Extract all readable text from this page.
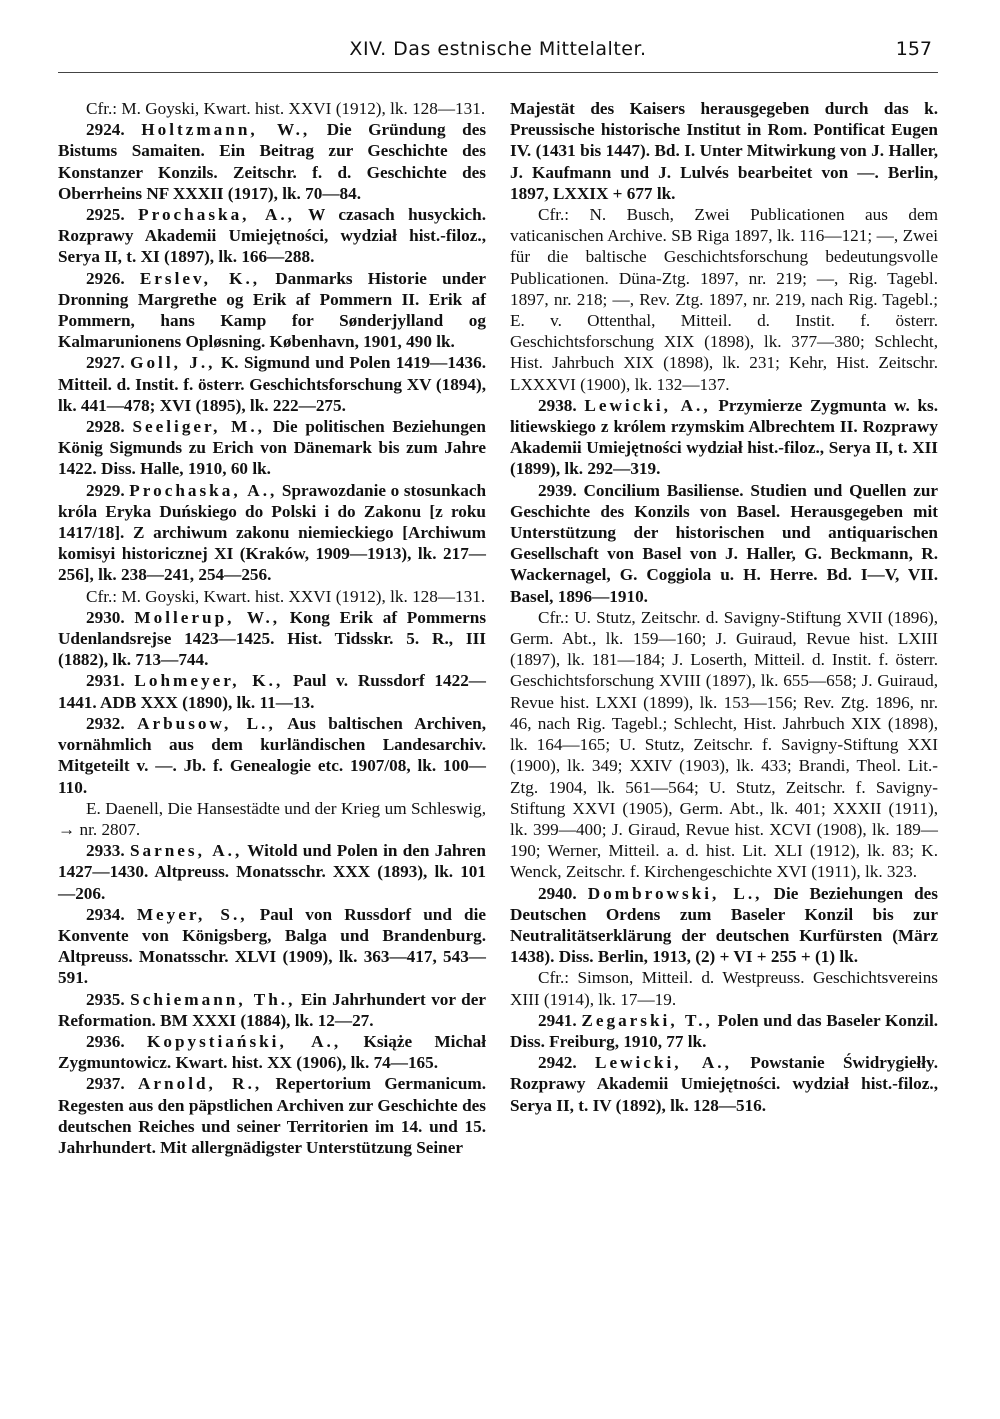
XIV. Das estnische Mittelalter.	157

Cfr.: M. Goyski, Kwart. hist. XXVI (1912), lk. 128—131.

2924. Holtzmann, W., Die Gründung des Bistums Samaiten. Ein Beitrag zur Geschichte des Konstanzer Konzils. Zeitschr. f. d. Geschichte des Oberrheins NF XXXII (1917), lk. 70—84.

2925. Prochaska, A., W czasach husyckich. Rozprawy Akademii Umiejętności, wydział hist.-filoz., Serya II, t. XI (1897), lk. 166—288.

2926. Erslev, K., Danmarks Historie under Dronning Margrethe og Erik af Pommern II. Erik af Pommern, hans Kamp for Sønderjylland og Kalmarunionens Opløsning. København, 1901, 490 lk.

2927. Goll, J., K. Sigmund und Polen 1419—1436. Mitteil. d. Instit. f. österr. Geschichtsforschung XV (1894), lk. 441—478; XVI (1895), lk. 222—275.

2928. Seeliger, M., Die politischen Beziehungen König Sigmunds zu Erich von Dänemark bis zum Jahre 1422. Diss. Halle, 1910, 60 lk.

2929. Prochaska, A., Sprawozdanie o stosunkach króla Eryka Duńskiego do Polski i do Zakonu [z roku 1417/18]. Z archiwum zakonu niemieckiego [Archiwum komisyi historicznej XI (Kraków, 1909—1913), lk. 217—256], lk. 238—241, 254—256.

Cfr.: M. Goyski, Kwart. hist. XXVI (1912), lk. 128—131.

2930. Mollerup, W., Kong Erik af Pommerns Udenlandsrejse 1423—1425. Hist. Tidsskr. 5. R., III (1882), lk. 713—744.

2931. Lohmeyer, K., Paul v. Russdorf 1422—1441. ADB XXX (1890), lk. 11—13.

2932. Arbusow, L., Aus baltischen Archiven, vornähmlich aus dem kurländischen Landesarchiv. Mitgeteilt v. —. Jb. f. Genealogie etc. 1907/08, lk. 100—110.

E. Daenell, Die Hansestädte und der Krieg um Schleswig, → nr. 2807.

2933. Sarnes, A., Witold und Polen in den Jahren 1427—1430. Altpreuss. Monatsschr. XXX (1893), lk. 101—206.

2934. Meyer, S., Paul von Russdorf und die Konvente von Königsberg, Balga und Brandenburg. Altpreuss. Monatsschr. XLVI (1909), lk. 363—417, 543—591.

2935. Schiemann, Th., Ein Jahrhundert vor der Reformation. BM XXXI (1884), lk. 12—27.

2936. Kopystiański, A., Książe Michał Zygmuntowicz. Kwart. hist. XX (1906), lk. 74—165.

2937. Arnold, R., Repertorium Germanicum. Regesten aus den päpstlichen Archiven zur Geschichte des deutschen Reiches und seiner Territorien im 14. und 15. Jahrhundert. Mit allergnädigster Unterstützung Seiner

Majestät des Kaisers herausgegeben durch das k. Preussische historische Institut in Rom. Pontificat Eugen IV. (1431 bis 1447). Bd. I. Unter Mitwirkung von J. Haller, J. Kaufmann und J. Lulvés bearbeitet von —. Berlin, 1897, LXXIX + 677 lk.

Cfr.: N. Busch, Zwei Publicationen aus dem vaticanischen Archive. SB Riga 1897, lk. 116—121; —, Zwei für die baltische Geschichtsforschung bedeutungsvolle Publicationen. Düna-Ztg. 1897, nr. 219; —, Rig. Tagebl. 1897, nr. 218; —, Rev. Ztg. 1897, nr. 219, nach Rig. Tagebl.; E. v. Ottenthal, Mitteil. d. Instit. f. österr. Geschichtsforschung XIX (1898), lk. 377—380; Schlecht, Hist. Jahrbuch XIX (1898), lk. 231; Kehr, Hist. Zeitschr. LXXXVI (1900), lk. 132—137.

2938. Lewicki, A., Przymierze Zygmunta w. ks. litiewskiego z królem rzymskim Albrechtem II. Rozprawy Akademii Umiejętności wydział hist.-filoz., Serya II, t. XII (1899), lk. 292—319.

2939. Concilium Basiliense. Studien und Quellen zur Geschichte des Konzils von Basel. Herausgegeben mit Unterstützung der historischen und antiquarischen Gesellschaft von Basel von J. Haller, G. Beckmann, R. Wackernagel, G. Coggiola u. H. Herre. Bd. I—V, VII. Basel, 1896—1910.

Cfr.: U. Stutz, Zeitschr. d. Savigny-Stiftung XVII (1896), Germ. Abt., lk. 159—160; J. Guiraud, Revue hist. LXIII (1897), lk. 181—184; J. Loserth, Mitteil. d. Instit. f. österr. Geschichtsforschung XVIII (1897), lk. 655—658; J. Guiraud, Revue hist. LXXI (1899), lk. 153—156; Rev. Ztg. 1896, nr. 46, nach Rig. Tagebl.; Schlecht, Hist. Jahrbuch XIX (1898), lk. 164—165; U. Stutz, Zeitschr. f. Savigny-Stiftung XXI (1900), lk. 349; XXIV (1903), lk. 433; Brandi, Theol. Lit.-Ztg. 1904, lk. 561—564; U. Stutz, Zeitschr. f. Savigny-Stiftung XXVI (1905), Germ. Abt., lk. 401; XXXII (1911), lk. 399—400; J. Giraud, Revue hist. XCVI (1908), lk. 189—190; Werner, Mitteil. a. d. hist. Lit. XLI (1912), lk. 83; K. Wenck, Zeitschr. f. Kirchengeschichte XVI (1911), lk. 323.

2940. Dombrowski, L., Die Beziehungen des Deutschen Ordens zum Baseler Konzil bis zur Neutralitätserklärung der deutschen Kurfürsten (März 1438). Diss. Berlin, 1913, (2) + VI + 255 + (1) lk.

Cfr.: Simson, Mitteil. d. Westpreuss. Geschichtsvereins XIII (1914), lk. 17—19.

2941. Zegarski, T., Polen und das Baseler Konzil. Diss. Freiburg, 1910, 77 lk.

2942. Lewicki, A., Powstanie Świdrygiełły. Rozprawy Akademii Umiejętności. wydział hist.-filoz., Serya II, t. IV (1892), lk. 128—516.
